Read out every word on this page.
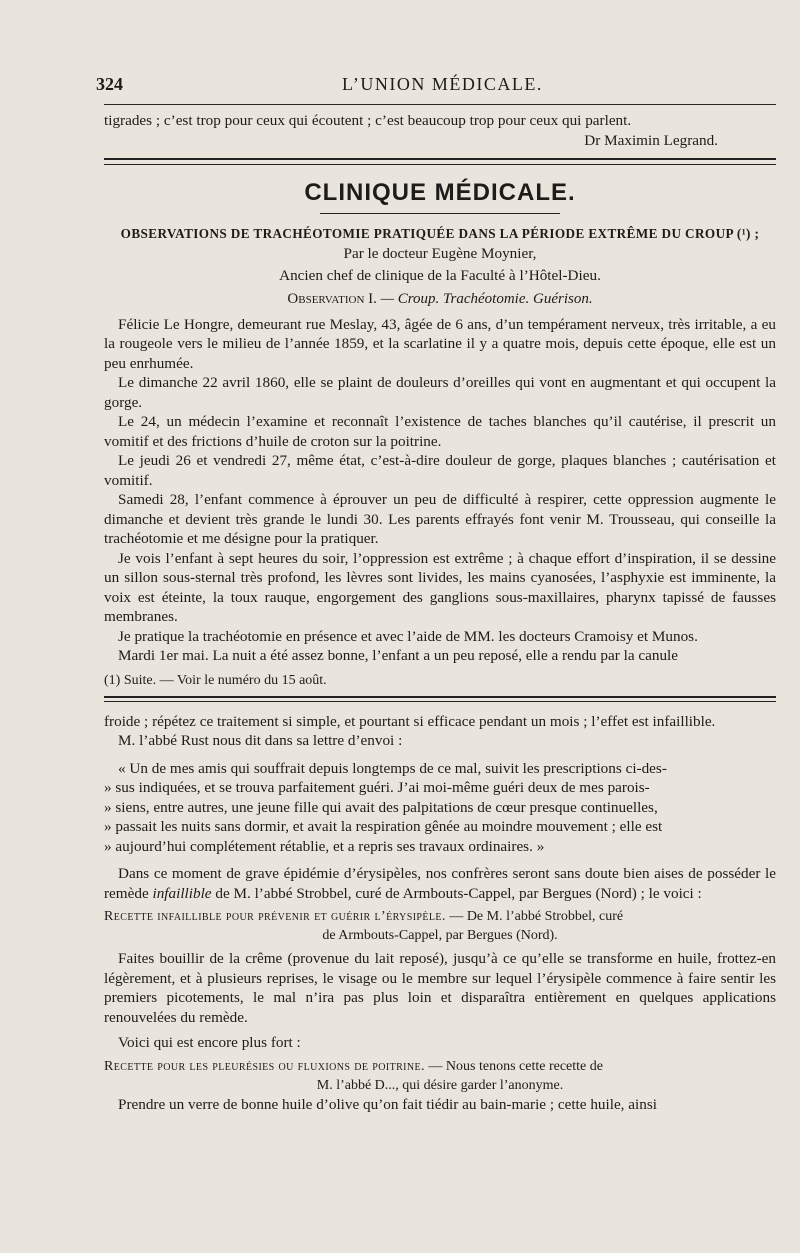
324	L’UNION MÉDICALE.

tigrades ; c’est trop pour ceux qui écoutent ; c’est beaucoup trop pour ceux qui parlent.

Dr Maximin Legrand.
CLINIQUE MÉDICALE.
OBSERVATIONS DE TRACHÉOTOMIE PRATIQUÉE DANS LA PÉRIODE EXTRÊME DU CROUP (¹) ;
Par le docteur Eugène Moynier,
Ancien chef de clinique de la Faculté à l’Hôtel-Dieu.
Observation I. — Croup. Trachéotomie. Guérison.

Félicie Le Hongre, demeurant rue Meslay, 43, âgée de 6 ans, d’un tempérament nerveux, très irritable, a eu la rougeole vers le milieu de l’année 1859, et la scarlatine il y a quatre mois, depuis cette époque, elle est un peu enrhumée.

Le dimanche 22 avril 1860, elle se plaint de douleurs d’oreilles qui vont en augmentant et qui occupent la gorge.

Le 24, un médecin l’examine et reconnaît l’existence de taches blanches qu’il cautérise, il prescrit un vomitif et des frictions d’huile de croton sur la poitrine.

Le jeudi 26 et vendredi 27, même état, c’est-à-dire douleur de gorge, plaques blanches ; cautérisation et vomitif.

Samedi 28, l’enfant commence à éprouver un peu de difficulté à respirer, cette oppression augmente le dimanche et devient très grande le lundi 30. Les parents effrayés font venir M. Trousseau, qui conseille la trachéotomie et me désigne pour la pratiquer.

Je vois l’enfant à sept heures du soir, l’oppression est extrême ; à chaque effort d’inspiration, il se dessine un sillon sous-sternal très profond, les lèvres sont livides, les mains cyanosées, l’asphyxie est imminente, la voix est éteinte, la toux rauque, engorgement des ganglions sous-maxillaires, pharynx tapissé de fausses membranes.

Je pratique la trachéotomie en présence et avec l’aide de MM. les docteurs Cramoisy et Munos.

Mardi 1er mai. La nuit a été assez bonne, l’enfant a un peu reposé, elle a rendu par la canule

(1) Suite. — Voir le numéro du 15 août.

froide ; répétez ce traitement si simple, et pourtant si efficace pendant un mois ; l’effet est infaillible.

M. l’abbé Rust nous dit dans sa lettre d’envoi :

« Un de mes amis qui souffrait depuis longtemps de ce mal, suivit les prescriptions ci-des-

» sus indiquées, et se trouva parfaitement guéri. J’ai moi-même guéri deux de mes parois-

» siens, entre autres, une jeune fille qui avait des palpitations de cœur presque continuelles,

» passait les nuits sans dormir, et avait la respiration gênée au moindre mouvement ; elle est

» aujourd’hui complétement rétablie, et a repris ses travaux ordinaires. »

Dans ce moment de grave épidémie d’érysipèles, nos confrères seront sans doute bien aises de posséder le remède infaillible de M. l’abbé Strobbel, curé de Armbouts-Cappel, par Bergues (Nord) ; le voici :

Recette infaillible pour prévenir et guérir l’érysipèle. — De M. l’abbé Strobbel, curé
de Armbouts-Cappel, par Bergues (Nord).

Faites bouillir de la crême (provenue du lait reposé), jusqu’à ce qu’elle se transforme en huile, frottez-en légèrement, et à plusieurs reprises, le visage ou le membre sur lequel l’érysipèle commence à faire sentir les premiers picotements, le mal n’ira pas plus loin et disparaîtra entièrement en quelques applications renouvelées du remède.

Voici qui est encore plus fort :

Recette pour les pleurésies ou fluxions de poitrine. — Nous tenons cette recette de
M. l’abbé D..., qui désire garder l’anonyme.

Prendre un verre de bonne huile d’olive qu’on fait tiédir au bain-marie ; cette huile, ainsi
